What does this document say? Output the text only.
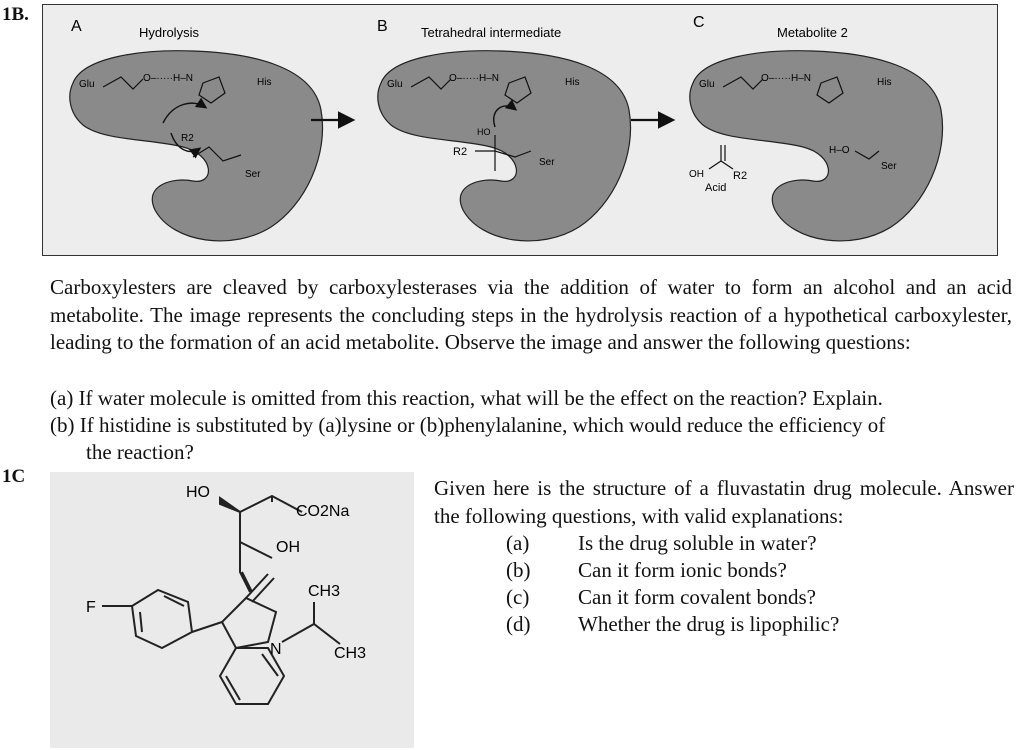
1B.
A	Hydrolysis
Glu	His
Ser
R2
O–·····H–N
B	Tetrahedral intermediate
Glu	His
Ser
R2
HO
O–·····H–N
C
Metabolite 2
Glu	His
Ser
H–O
O–·····H–N
OH	R2
Acid

Carboxylesters are cleaved by carboxylesterases via the addition of water to form an alcohol and an acid metabolite. The image represents the concluding steps in the hydrolysis reaction of a hypothetical carboxylester, leading to the formation of an acid metabolite. Observe the image and answer the following questions:

(a) If water molecule is omitted from this reaction, what will be the effect on the reaction? Explain.
(b) If histidine is substituted by (a)lysine or (b)phenylalanine, which would reduce the efficiency of
the reaction?
1C
HO
CO2Na
OH
CH3
N	CH3
F
Given here is the structure of a fluvastatin drug molecule. Answer the following questions, with valid explanations:
(a)	Is the drug soluble in water?
(b)	Can it form ionic bonds?
(c)	Can it form covalent bonds?
(d)	Whether the drug is lipophilic?
